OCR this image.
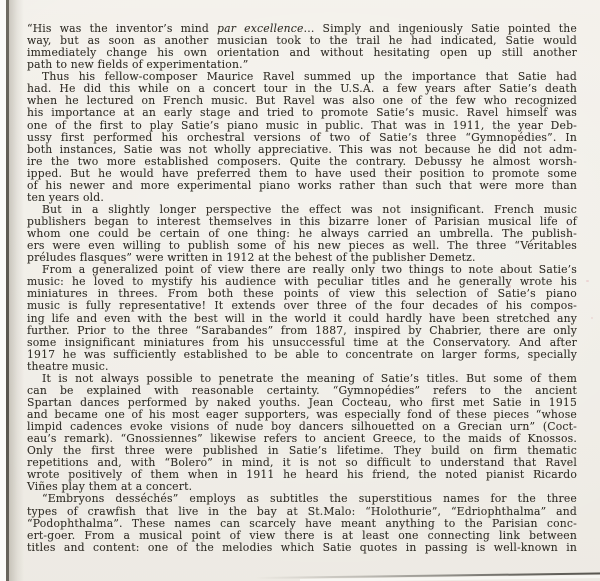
“His was the inventor’s mind par excellence... Simply and ingeniously Satie pointed the
way, but as soon as another musician took to the trail he had indicated, Satie would
immediately change his own orientation and without hesitating open up still another
path to new fields of experimentation.”

Thus his fellow-composer Maurice Ravel summed up the importance that Satie had
had. He did this while on a concert tour in the U.S.A. a few years after Satie’s death
when he lectured on French music. But Ravel was also one of the few who recognized
his importance at an early stage and tried to promote Satie’s music. Ravel himself was
one of the first to play Satie’s piano music in public. That was in 1911, the year Deb-
ussy first performed his orchestral versions of two of Satie’s three “Gymnopédies”. In
both instances, Satie was not wholly appreciative. This was not because he did not adm-
ire the two more established composers. Quite the contrary. Debussy he almost worsh-
ipped. But he would have preferred them to have used their position to promote some
of his newer and more experimental piano works rather than such that were more than
ten years old.

But in a slightly longer perspective the effect was not insignificant. French music
publishers began to interest themselves in this bizarre loner of Parisian musical life of
whom one could be certain of one thing: he always carried an umbrella. The publish-
ers were even willing to publish some of his new pieces as well. The three “Véritables
préludes flasques” were written in 1912 at the behest of the publisher Demetz.

From a generalized point of view there are really only two things to note about Satie’s
music: he loved to mystify his audience with peculiar titles and he generally wrote his
miniatures in threes. From both these points of view this selection of Satie’s piano
music is fully representative! It extends over three of the four decades of his compos-
ing life and even with the best will in the world it could hardly have been stretched any
further. Prior to the three “Sarabandes” from 1887, inspired by Chabrier, there are only
some insignificant miniatures from his unsuccessful time at the Conservatory. And after
1917 he was sufficiently established to be able to concentrate on larger forms, specially
theatre music.

It is not always possible to penetrate the meaning of Satie’s titles. But some of them
can be explained with reasonable certainty. “Gymnopédies” refers to the ancient
Spartan dances performed by naked youths. Jean Cocteau, who first met Satie in 1915
and became one of his most eager supporters, was especially fond of these pieces “whose
limpid cadences evoke visions of nude boy dancers silhouetted on a Grecian urn” (Coct-
eau’s remark). “Gnossiennes” likewise refers to ancient Greece, to the maids of Knossos.
Only the first three were published in Satie’s lifetime. They build on firm thematic
repetitions and, with “Bolero” in mind, it is not so difficult to understand that Ravel
wrote positively of them when in 1911 he heard his friend, the noted pianist Ricardo
Viñes play them at a concert.

“Embryons desséchés” employs as subtitles the superstitious names for the three
types of crawfish that live in the bay at St.Malo: “Holothurie”, “Edriophthalma” and
“Podophthalma”. These names can scarcely have meant anything to the Parisian conc-
ert-goer. From a musical point of view there is at least one connecting link between
titles and content: one of the melodies which Satie quotes in passing is well-known in
